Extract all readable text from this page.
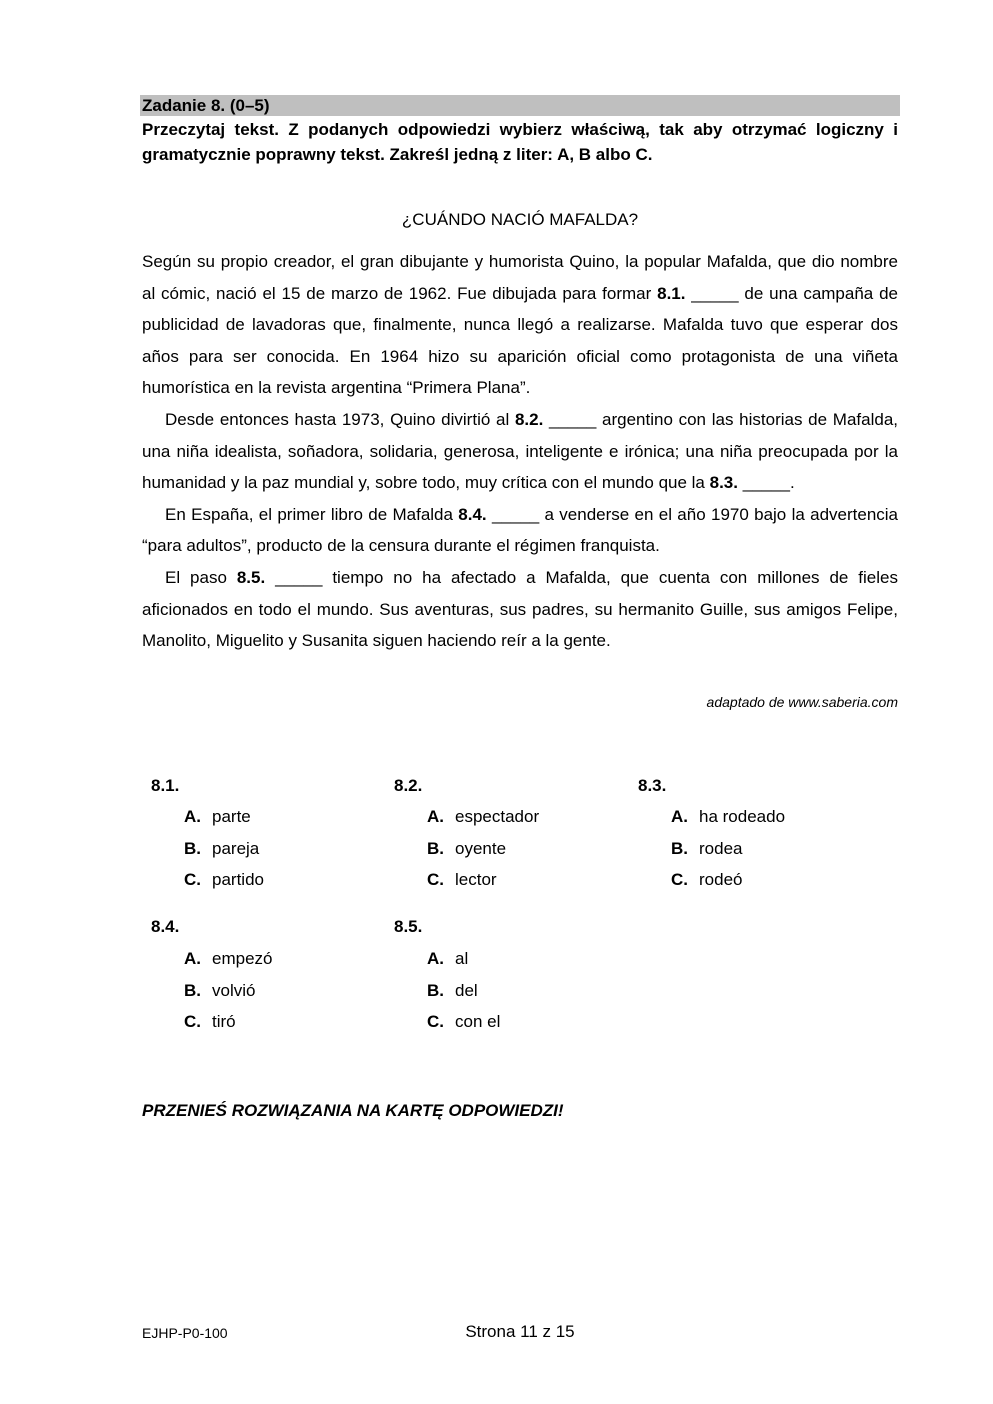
Zadanie 8. (0–5)
Przeczytaj tekst. Z podanych odpowiedzi wybierz właściwą, tak aby otrzymać logiczny i gramatycznie poprawny tekst. Zakreśl jedną z liter: A, B albo C.
¿CUÁNDO NACIÓ MAFALDA?

Según su propio creador, el gran dibujante y humorista Quino, la popular Mafalda, que dio nombre al cómic, nació el 15 de marzo de 1962. Fue dibujada para formar 8.1. _____ de una campaña de publicidad de lavadoras que, finalmente, nunca llegó a realizarse. Mafalda tuvo que esperar dos años para ser conocida. En 1964 hizo su aparición oficial como protagonista de una viñeta humorística en la revista argentina “Primera Plana”.

Desde entonces hasta 1973, Quino divirtió al 8.2. _____ argentino con las historias de Mafalda, una niña idealista, soñadora, solidaria, generosa, inteligente e irónica; una niña preocupada por la humanidad y la paz mundial y, sobre todo, muy crítica con el mundo que la 8.3. _____.

En España, el primer libro de Mafalda 8.4. _____ a venderse en el año 1970 bajo la advertencia “para adultos”, producto de la censura durante el régimen franquista.

El paso 8.5. _____ tiempo no ha afectado a Mafalda, que cuenta con millones de fieles aficionados en todo el mundo. Sus aventuras, sus padres, su hermanito Guille, sus amigos Felipe, Manolito, Miguelito y Susanita siguen haciendo reír a la gente.

adaptado de www.saberia.com
8.1.
A. parte
B. pareja
C. partido
8.2.
A. espectador
B. oyente
C. lector
8.3.
A. ha rodeado
B. rodea
C. rodeó
8.4.
A. empezó
B. volvió
C. tiró
8.5.
A. al
B. del
C. con el
PRZENIEŚ ROZWIĄZANIA NA KARTĘ ODPOWIEDZI!
EJHP-P0-100	Strona 11 z 15
